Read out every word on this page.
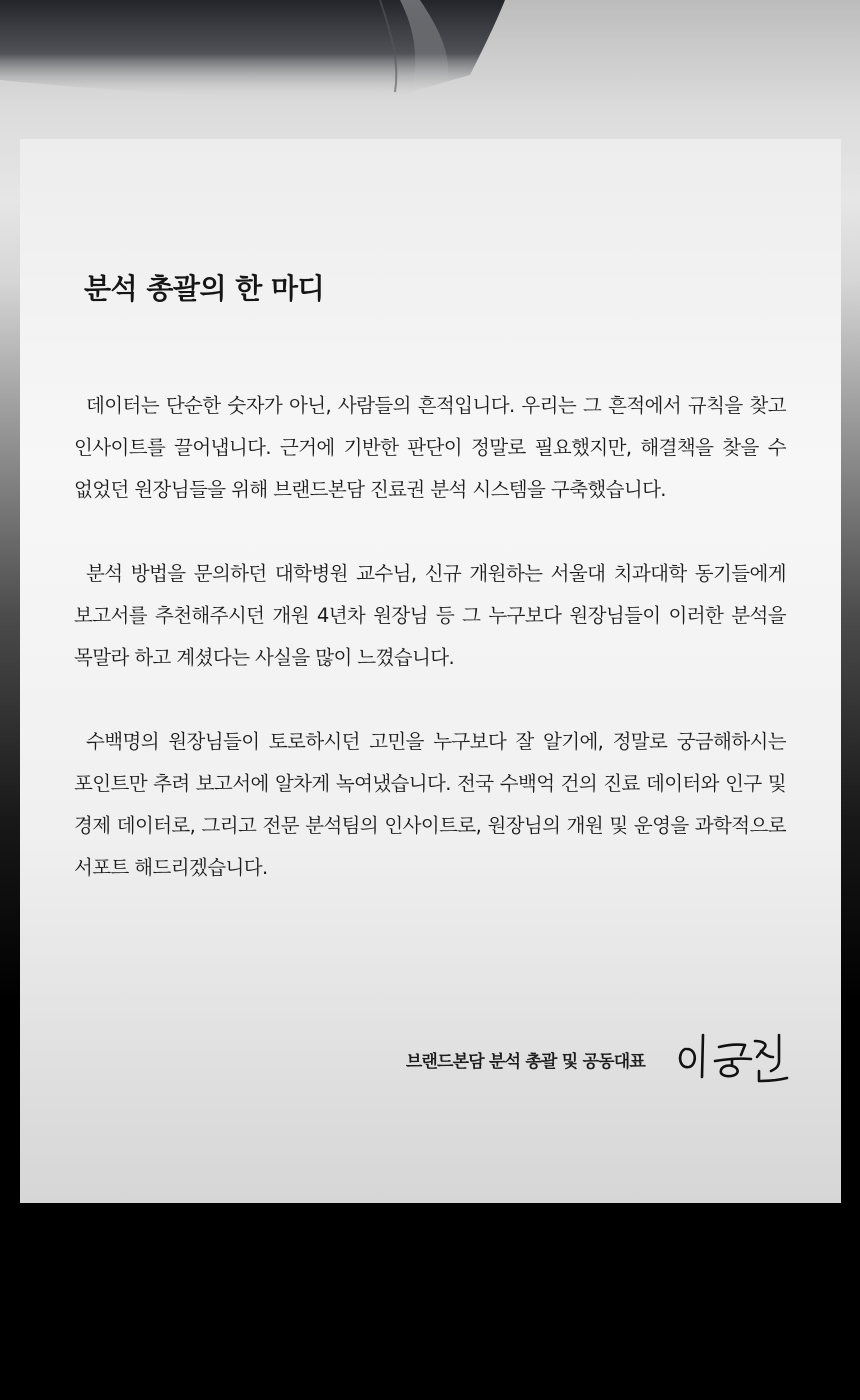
분석 총괄의 한 마디

데이터는 단순한 숫자가 아닌, 사람들의 흔적입니다. 우리는 그 흔적에서 규칙을 찾고 인사이트를 끌어냅니다. 근거에 기반한 판단이 정말로 필요했지만, 해결책을 찾을 수 없었던 원장님들을 위해 브랜드본담 진료권 분석 시스템을 구축했습니다.

분석 방법을 문의하던 대학병원 교수님, 신규 개원하는 서울대 치과대학 동기들에게 보고서를 추천해주시던 개원 4년차 원장님 등 그 누구보다 원장님들이 이러한 분석을 목말라 하고 계셨다는 사실을 많이 느꼈습니다.

수백명의 원장님들이 토로하시던 고민을 누구보다 잘 알기에, 정말로 궁금해하시는 포인트만 추려 보고서에 알차게 녹여냈습니다. 전국 수백억 건의 진료 데이터와 인구 및 경제 데이터로, 그리고 전문 분석팀의 인사이트로, 원장님의 개원 및 운영을 과학적으로 서포트 해드리겠습니다.

브랜드본담 분석 총괄 및 공동대표
